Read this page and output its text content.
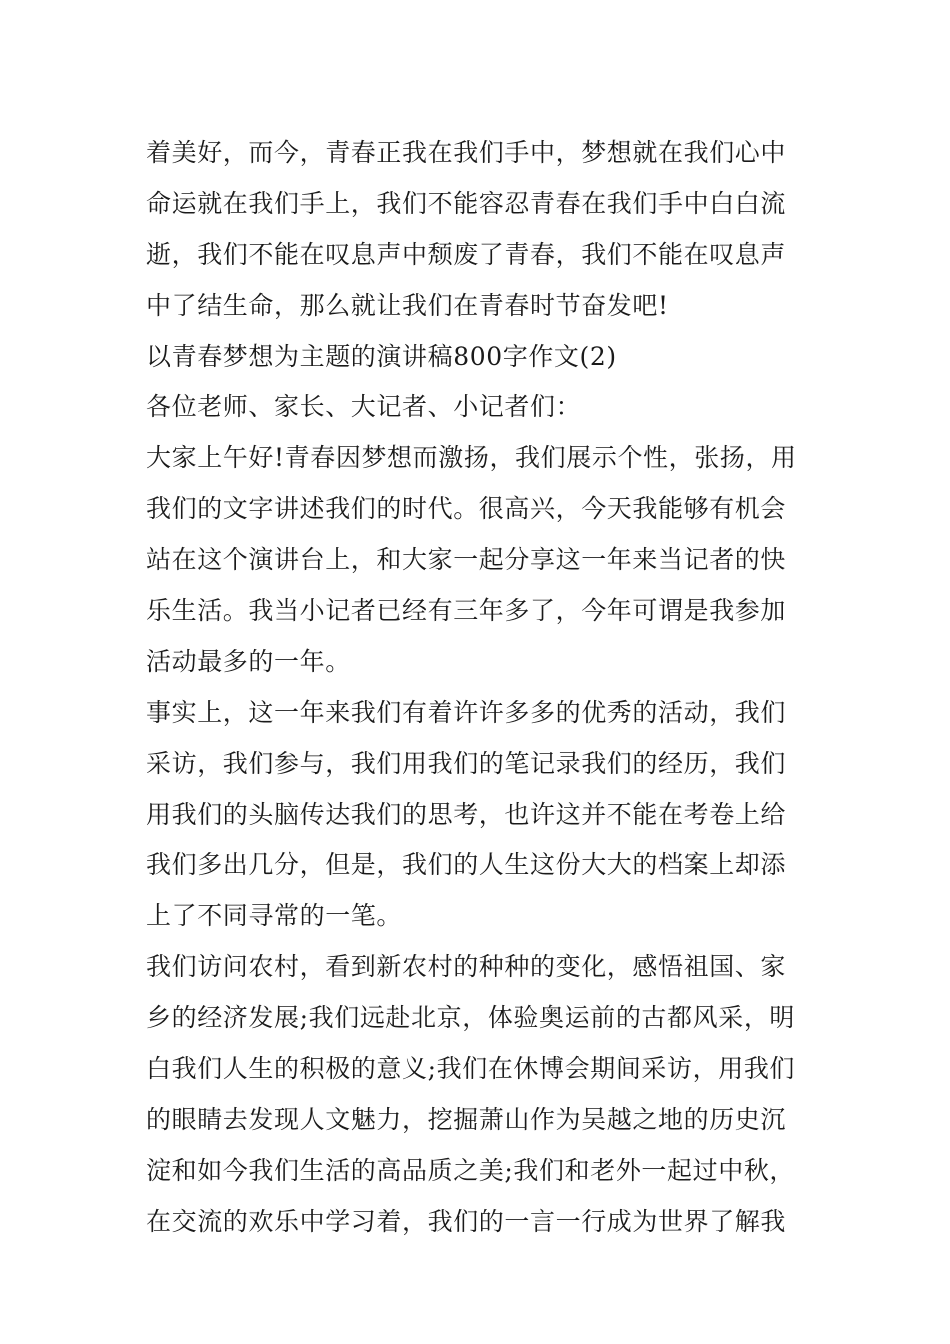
着美好，而今，青春正我在我们手中，梦想就在我们心中
命运就在我们手上，我们不能容忍青春在我们手中白白流
逝，我们不能在叹息声中颓废了青春，我们不能在叹息声
中了结生命，那么就让我们在青春时节奋发吧!
以青春梦想为主题的演讲稿800字作文(2)
各位老师、家长、大记者、小记者们：
大家上午好!青春因梦想而激扬，我们展示个性，张扬，用
我们的文字讲述我们的时代。很高兴，今天我能够有机会
站在这个演讲台上，和大家一起分享这一年来当记者的快
乐生活。我当小记者已经有三年多了，今年可谓是我参加
活动最多的一年。
事实上，这一年来我们有着许许多多的优秀的活动，我们
采访，我们参与，我们用我们的笔记录我们的经历，我们
用我们的头脑传达我们的思考，也许这并不能在考卷上给
我们多出几分，但是，我们的人生这份大大的档案上却添
上了不同寻常的一笔。
我们访问农村，看到新农村的种种的变化，感悟祖国、家
乡的经济发展;我们远赴北京，体验奥运前的古都风采，明
白我们人生的积极的意义;我们在休博会期间采访，用我们
的眼睛去发现人文魅力，挖掘萧山作为吴越之地的历史沉
淀和如今我们生活的高品质之美;我们和老外一起过中秋，
在交流的欢乐中学习着，我们的一言一行成为世界了解我
